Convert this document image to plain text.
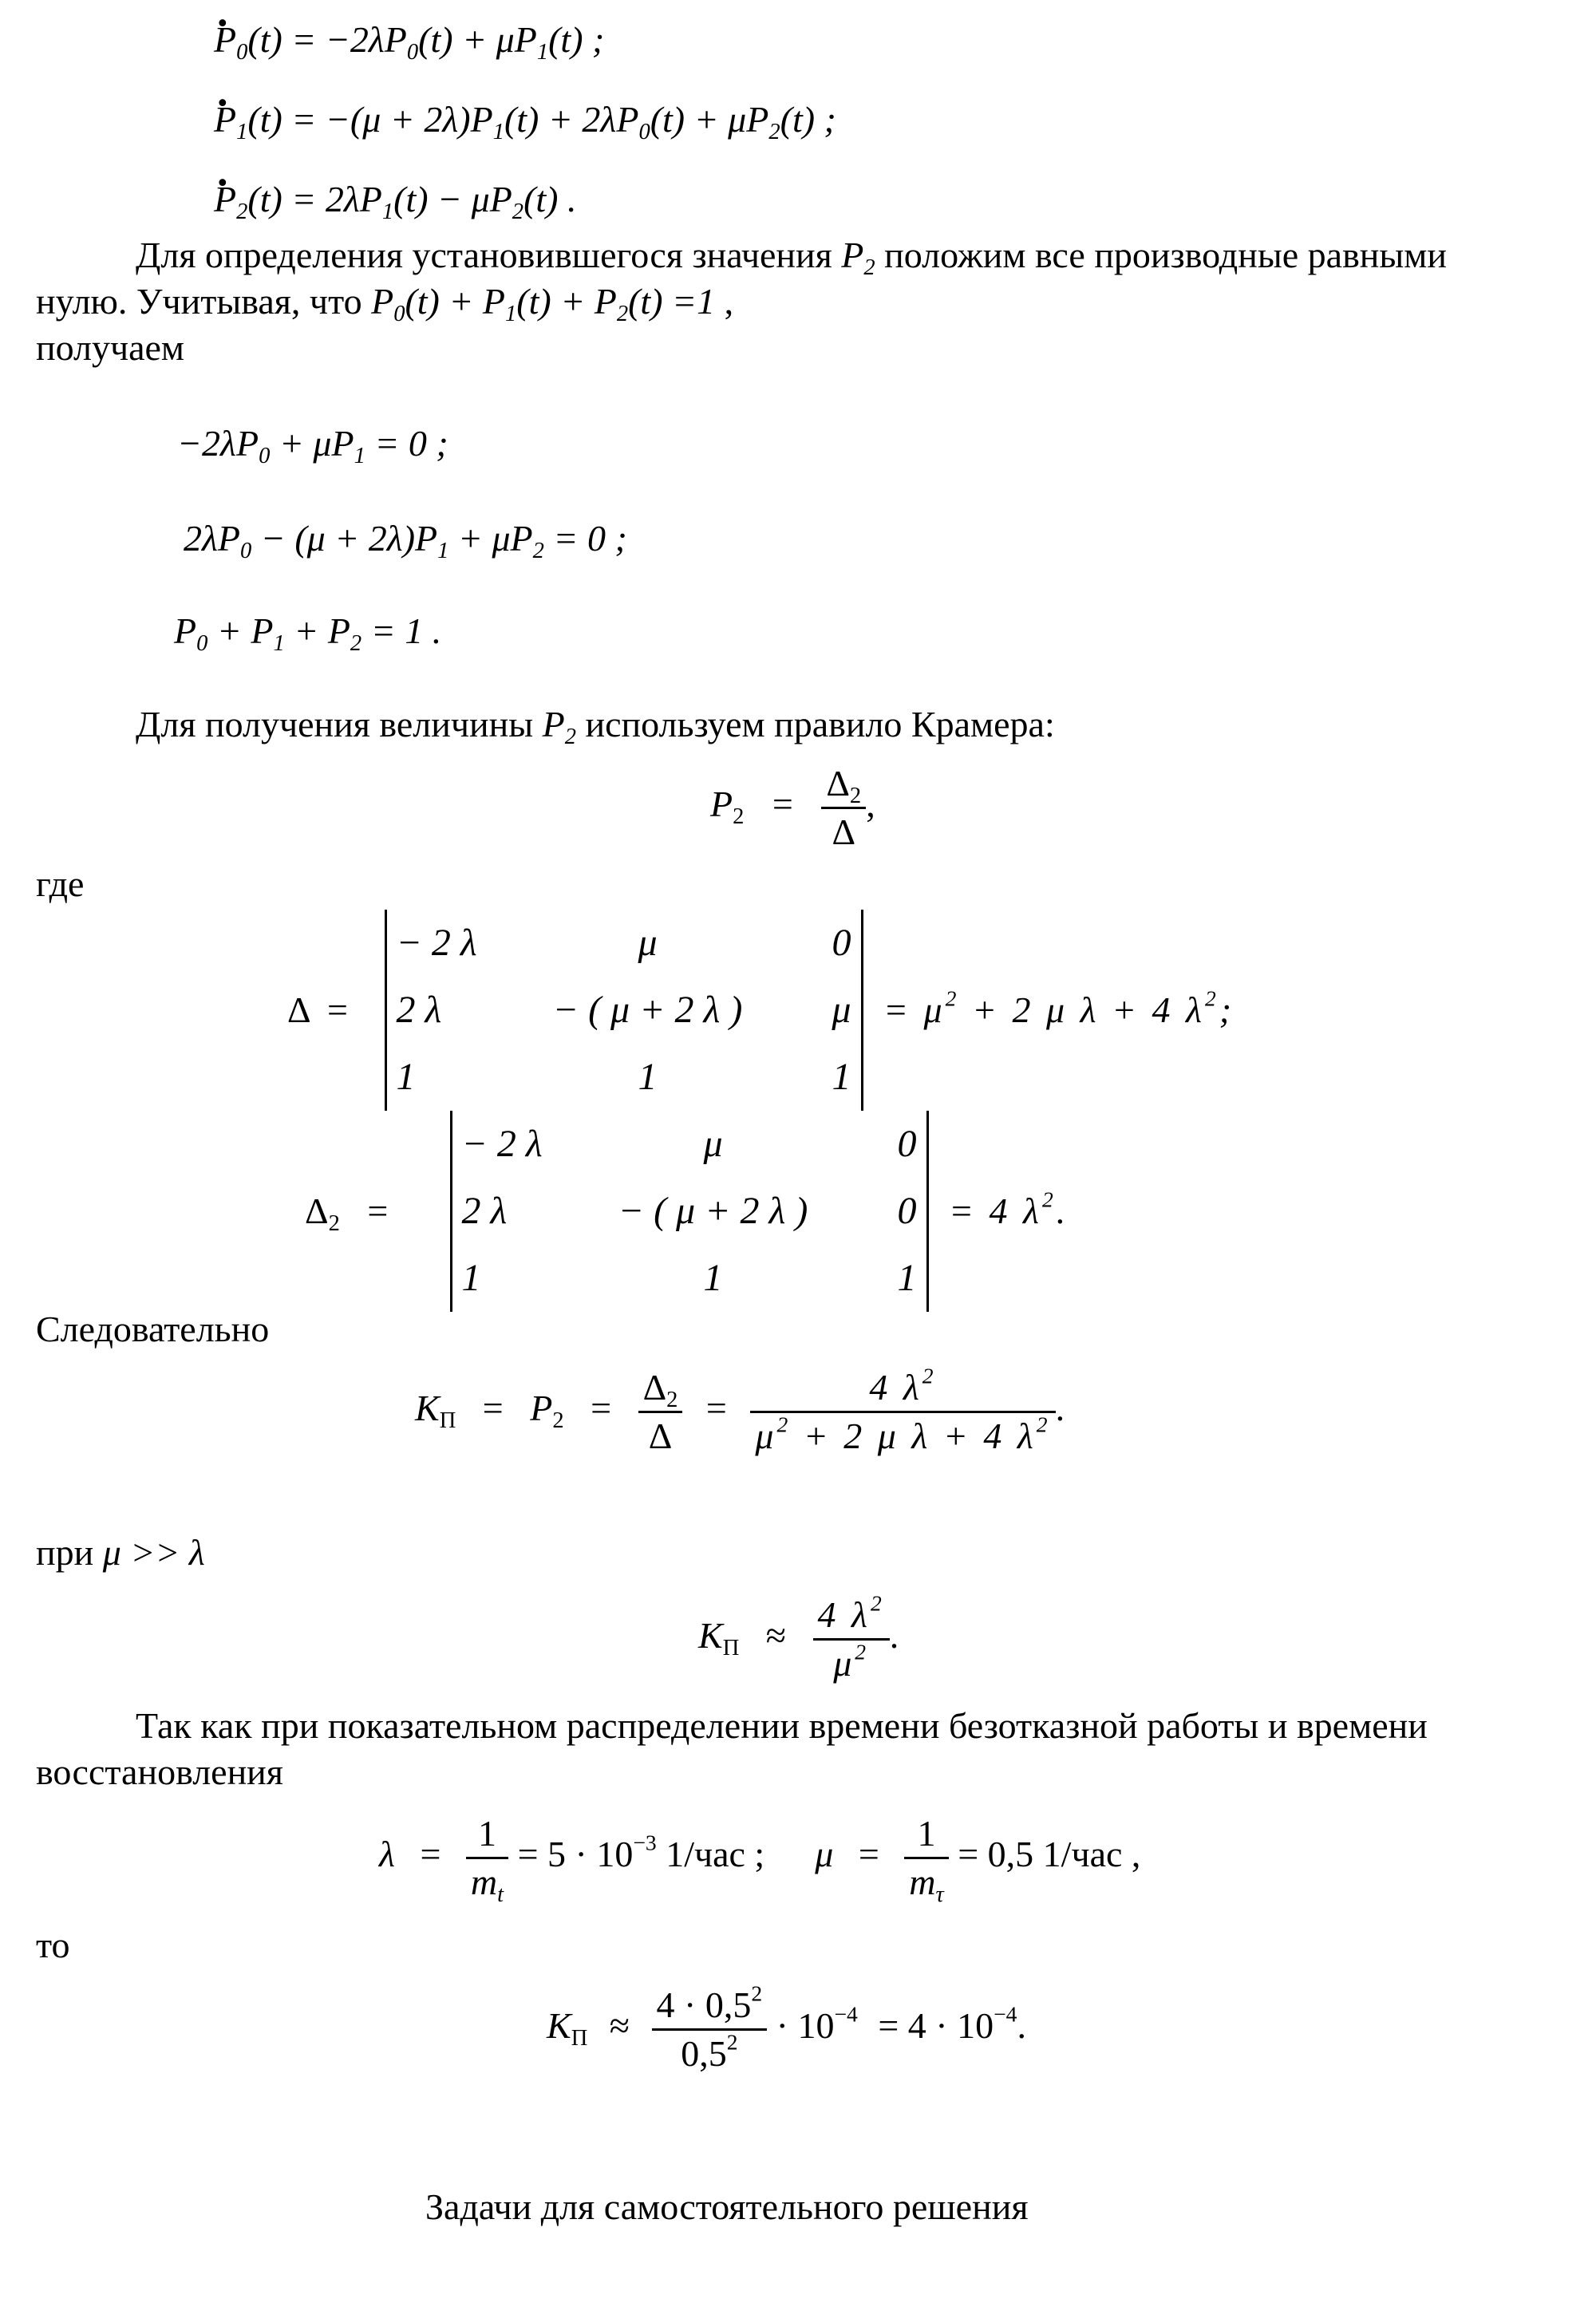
• $P_0(t) = -2\lambda P_0(t) + \mu P_1(t)$ ;
• $P_1(t) = -(\mu + 2\lambda)P_1(t) + 2\lambda P_0(t) + \mu P_2(t)$ ;
• $P_2(t) = 2\lambda P_1(t) - \mu P_2(t)$ .
Для определения установившегося значения $P_2$ положим все производные равными
нулю. Учитывая, что $P_0(t) + P_1(t) + P_2(t) =1$ ,
получаем
$-2\lambda P_0 + \mu P_1 = 0$ ;
$2\lambda P_0 - (\mu + 2\lambda)P_1 + \mu P_2 = 0$ ;
$P_0 + P_1 + P_2 = 1$ .
Для получения величины $P_2$ используем правило Крамера:
$P_2 = \frac{\Delta_2}{\Delta}$ ,
где
Δ =
− 2 λ	μ	0
2 λ	− ( μ + 2 λ )	μ
1	1	1
= $\mu^2 + 2$ μ λ + 4 $\lambda^2$;
$\Delta_2$ =
− 2 λ	μ	0
2 λ	− ( μ + 2 λ )	0
1	1	1
= 4 $\lambda^2$.
Следовательно
$K_П = P_2 = \frac{\Delta_2}{\Delta} = \frac{4 \lambda^2}{\mu^2 + 2 \mu \lambda + 4 \lambda^2}$ .
при μ >> λ
$K_П \approx \frac{4 \lambda^2}{\mu^2}$ .
Так как при показательном распределении времени безотказной работы и времени
восстановления
$\lambda = \frac{1}{m_t} = 5 \cdot 10^{-3}$ 1/час ; $\mu = \frac{1}{m_\tau} = 0,5$ 1/час ,
то
$K_П \approx \frac{4 \cdot 0,5^2}{0,5^2} \cdot 10^{-4} = 4 \cdot 10^{-4}$.
Задачи для самостоятельного решения
